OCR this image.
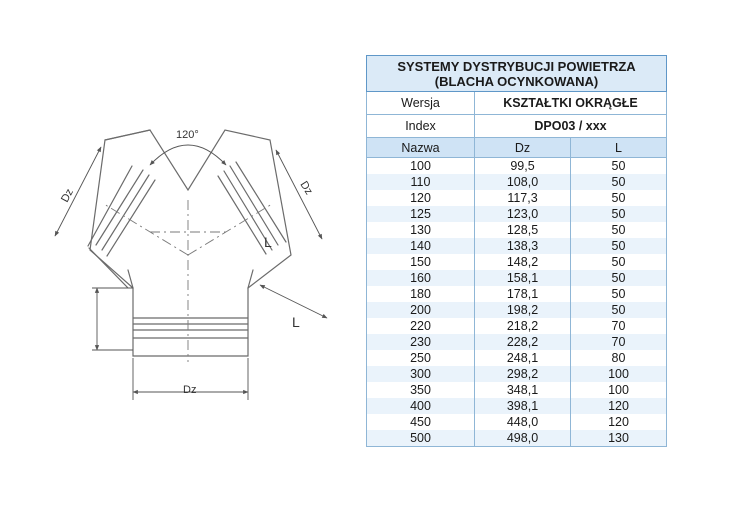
120°
Dz	Dz
Dz
L
L
SYSTEMY DYSTRYBUCJI POWIETRZA
(BLACHA OCYNKOWANA)		

Wersja	KSZTAŁTKI OKRĄGŁE	
Index	DPO03 / xxx	
Nazwa	Dz	L
100	99,5	50
110	108,0	50
120	117,3	50
125	123,0	50
130	128,5	50
140	138,3	50
150	148,2	50
160	158,1	50
180	178,1	50
200	198,2	50
220	218,2	70
230	228,2	70
250	248,1	80
300	298,2	100
350	348,1	100
400	398,1	120
450	448,0	120
500	498,0	130
